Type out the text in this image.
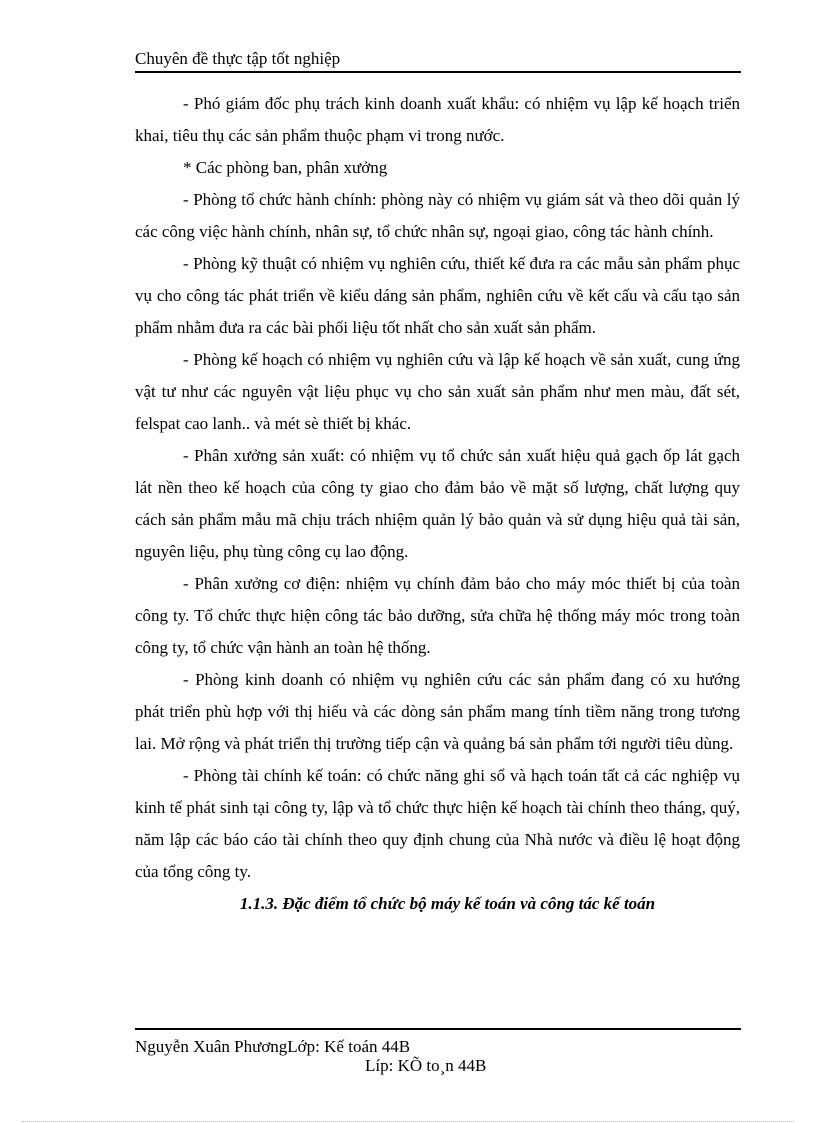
Chuyên đề thực tập tốt nghiệp

- Phó giám đốc phụ trách kinh doanh xuất khẩu: có nhiệm vụ lập kế hoạch triển khai, tiêu thụ các sản phẩm thuộc phạm vi trong nước.

* Các phòng ban, phân xưởng

- Phòng tổ chức hành chính: phòng này có nhiệm vụ giám sát và theo dõi quản lý các công việc hành chính, nhân sự, tổ chức nhân sự, ngoại giao, công tác hành chính.

- Phòng kỹ thuật có nhiệm vụ nghiên cứu, thiết kế đưa ra các mẫu sản phẩm phục vụ cho công tác phát triển về kiểu dáng sản phẩm, nghiên cứu về kết cấu và cấu tạo sản phẩm nhằm đưa ra các bài phối liệu tốt nhất cho sản xuất sản phẩm.

- Phòng kế hoạch có nhiệm vụ nghiên cứu và lập kế hoạch về sản xuất, cung ứng vật tư như các nguyên vật liệu phục vụ cho sản xuất sản phẩm như men màu, đất sét, felspat cao lanh.. và mét sè thiết bị khác.

- Phân xưởng sản xuất: có nhiệm vụ tổ chức sản xuất hiệu quả gạch ốp lát gạch lát nền theo kế hoạch của công ty giao cho đảm bảo về mặt số lượng, chất lượng quy cách sản phẩm mẫu mã chịu trách nhiệm quản lý bảo quản và sử dụng hiệu quả tài sản, nguyên liệu, phụ tùng công cụ lao động.

- Phân xưởng cơ điện: nhiệm vụ chính đảm bảo cho máy móc thiết bị của toàn công ty. Tổ chức thực hiện công tác bảo dưỡng, sửa chữa hệ thống máy móc trong toàn công ty, tổ chức vận hành an toàn hệ thống.

- Phòng kinh doanh có nhiệm vụ nghiên cứu các sản phẩm đang có xu hướng phát triển phù hợp với thị hiếu và các dòng sản phẩm mang tính tiềm năng trong tương lai. Mở rộng và phát triển thị trường tiếp cận và quảng bá sản phẩm tới người tiêu dùng.

- Phòng tài chính kế toán: có chức năng ghi sổ và hạch toán tất cả các nghiệp vụ kinh tế phát sinh tại công ty, lập và tổ chức thực hiện kế hoạch tài chính theo tháng, quý, năm lập các báo cáo tài chính theo quy định chung của Nhà nước và điều lệ hoạt động của tổng công ty.

1.1.3. Đặc điểm tổ chức bộ máy kế toán và công tác kế toán

Nguyễn Xuân PhươngLớp: Kế toán 44B
Líp: KÕ to¸n 44B
